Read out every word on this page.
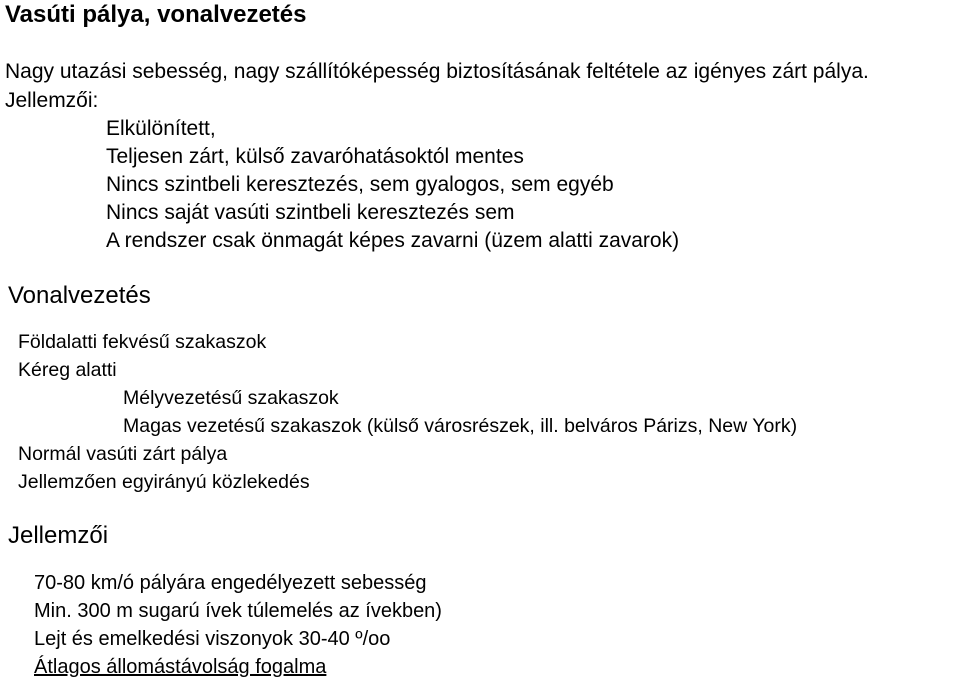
Vasúti pálya, vonalvezetés
Nagy utazási sebesség, nagy szállítóképesség biztosításának feltétele az igényes zárt pálya.
Jellemzői:
Elkülönített,
Teljesen zárt, külső zavaróhatásoktól mentes
Nincs szintbeli keresztezés, sem gyalogos, sem egyéb
Nincs saját vasúti szintbeli keresztezés sem
A rendszer csak önmagát képes zavarni (üzem alatti zavarok)
Vonalvezetés
Földalatti fekvésű szakaszok
Kéreg alatti
Mélyvezetésű szakaszok
Magas vezetésű szakaszok (külső városrészek, ill. belváros Párizs, New York)
Normál vasúti zárt pálya
Jellemzően egyirányú közlekedés
Jellemzői
70-80 km/ó pályára engedélyezett sebesség
Min. 300 m sugarú ívek túlemelés az ívekben)
Lejt és emelkedési viszonyok 30-40 º/oo
Átlagos állomástávolság fogalma
